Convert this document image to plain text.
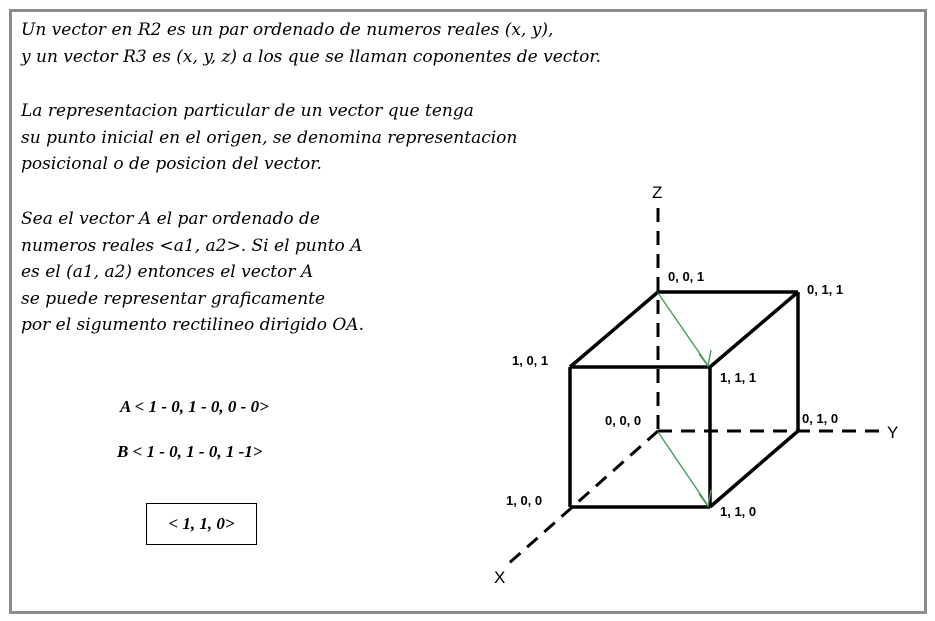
Un vector en R2 es un par ordenado de numeros reales (x, y),
y un vector R3 es (x, y, z) a los que se llaman coponentes de vector.

La representacion particular de un vector que tenga
su punto inicial en el origen, se denomina representacion
posicional o de posicion del vector.

Sea el vector A el par ordenado de
numeros reales <a1, a2>. Si el punto A
es el (a1, a2) entonces el vector A
se puede representar graficamente
por el sigumento rectilineo dirigido OA.

A < 1 - 0, 1 - 0, 0 - 0>

B < 1 - 0, 1 - 0, 1 -1>

< 1, 1, 0>
Z
Y
X
0, 0, 1
0, 1, 1
1, 0, 1
1, 1, 1
0, 0, 0	0, 1, 0
1, 0, 0
1, 1, 0
